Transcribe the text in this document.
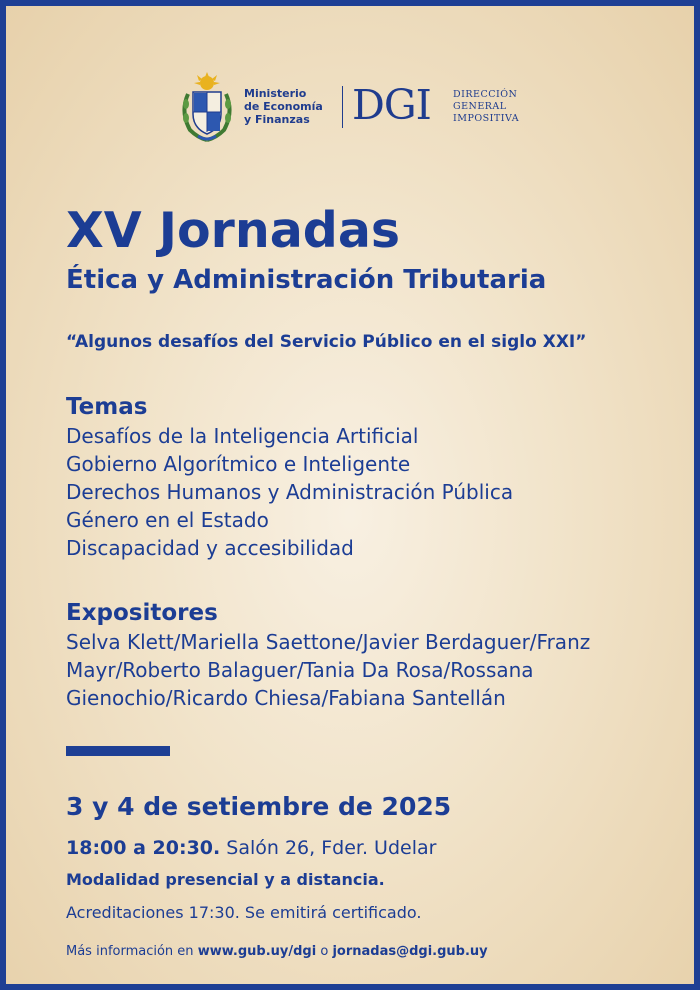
Ministerio
de Economía
y Finanzas	DGI DIRECCIÓN
GENERAL
IMPOSITIVA
XV Jornadas
Ética y Administración Tributaria
“Algunos desafíos del Servicio Público en el siglo XXI”
Temas
Desafíos de la Inteligencia Artificial
Gobierno Algorítmico e Inteligente
Derechos Humanos y Administración Pública
Género en el Estado
Discapacidad y accesibilidad
Expositores
Selva Klett/Mariella Saettone/Javier Berdaguer/Franz
Mayr/Roberto Balaguer/Tania Da Rosa/Rossana
Gienochio/Ricardo Chiesa/Fabiana Santellán
3 y 4 de setiembre de 2025
18:00 a 20:30. Salón 26, Fder. Udelar
Modalidad presencial y a distancia.
Acreditaciones 17:30. Se emitirá certificado.
Más información en www.gub.uy/dgi o jornadas@dgi.gub.uy
